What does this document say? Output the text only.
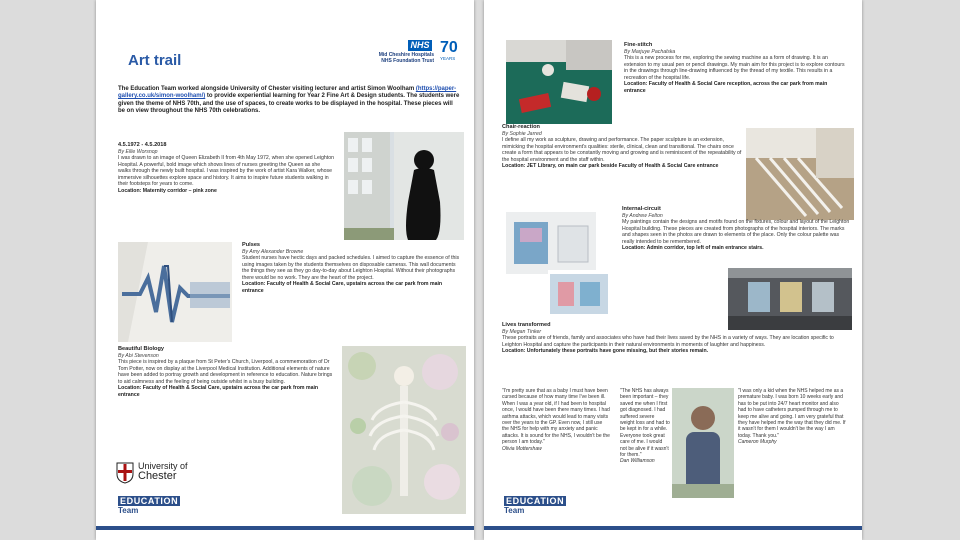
Art trail
NHS
Mid Cheshire Hospitals NHS Foundation Trust
70
YEARS
The Education Team worked alongside University of Chester visiting lecturer and artist Simon Woolham (https://paper-gallery.co.uk/simon-woolham/) to provide experiential learning for Year 2 Fine Art & Design students. The students were given the theme of NHS 70th, and the use of spaces, to create works to be displayed in the hospital. These pieces will be on view throughout the NHS 70th celebrations.
4.5.1972 - 4.5.2018
By Ellie Worsnop
I was drawn to an image of Queen Elizabeth II from 4th May 1972, when she opened Leighton Hospital. A powerful, bold image which shows lines of nurses greeting the Queen as she walks through the newly built hospital. I was inspired by the work of artist Kara Walker, whose immersive silhouettes explore space and history. It aims to inspire future students walking in their footsteps for years to come.
Location: Maternity corridor – pink zone
Pulses
By Amy Alexander Browne
Student nurses have hectic days and packed schedules. I aimed to capture the essence of this using images taken by the students themselves on disposable cameras. This wall documents the things they see as they go day-to-day about Leighton Hospital. Without their photographs there would be no work. They are the heart of the project.
Location: Faculty of Health & Social Care, upstairs across the car park from main entrance
Beautiful Biology
By Abi Stevenson
This piece is inspired by a plaque from St Peter's Church, Liverpool, a commemoration of Dr Tom Potter, now on display at the Liverpool Medical Institution. Additional elements of nature have been added to portray growth and development in reference to education. Nature brings to aid calmness and the feeling of being outside whilst in a busy building.
Location: Faculty of Health & Social Care, upstairs across the car park from main entrance
University of
Chester
EDUCATION
Team
Fine-stitch
By Marjuye Pachalska
This is a new process for me, exploring the sewing machine as a form of drawing. It is an extension to my usual pen or pencil drawings. My main aim for this project is to explore contours in the drawings through line-drawing influenced by the thread of my textile. This results in a recreation of the hospital life.
Location: Faculty of Health & Social Care reception, across the car park from main entrance
Chair-reaction
By Sophie Jarred
I define all my work as sculpture, drawing and performance. The paper sculpture is an extension, mimicking the hospital environment's qualities: sterile, clinical, clean and transitional. The chairs once create a form that appears to be constantly moving and growing and is reminiscent of the repeatability of the hospital environment and the staff within.
Location: JET Library, on main car park beside Faculty of Health & Social Care entrance
Internal-circuit
By Andrew Felton
My paintings contain the designs and motifs found on the fixtures, colour and layout of the Leighton Hospital building. These pieces are created from photographs of the hospital interiors. The marks and shapes seen in the photos are drawn to elements of the place. Only the colour palette was really intended to be remembered.
Location: Admin corridor, top left of main entrance stairs.
Lives transformed
By Megan Tinker
These portraits are of friends, family and associates who have had their lives saved by the NHS in a variety of ways. They are location specific to Leighton Hospital and capture the participants in their natural environments in moments of laughter and happiness.
Location: Unfortunately these portraits have gone missing, but their stories remain.
"I'm pretty sure that as a baby I must have been cursed because of how many time I've been ill. When I was a year old, if I had been to hospital once, I would have been there many times. I had asthma attacks, which would lead to many visits over the years to the GP. Even now, I still use the NHS for help with my anxiety and panic attacks. It is sound for the NHS, I wouldn't be the person I am today."
Olivia Mottershaw
"The NHS has always been important – they saved me when I first got diagnosed. I had suffered severe weight loss and had to be kept in for a while. Everyone took great care of me. I would not be alive if it wasn't for them."
Dan Williamson
"I was only a kid when the NHS helped me as a premature baby. I was born 10 weeks early and has to be put into 24/7 heart monitor and also had to have catheters pumped through me to keep me alive and going. I am very grateful that they have helped me the way that they did me. If it wasn't for them I wouldn't be the way I am today. Thank you."
Cameron Murphy
EDUCATION
Team
